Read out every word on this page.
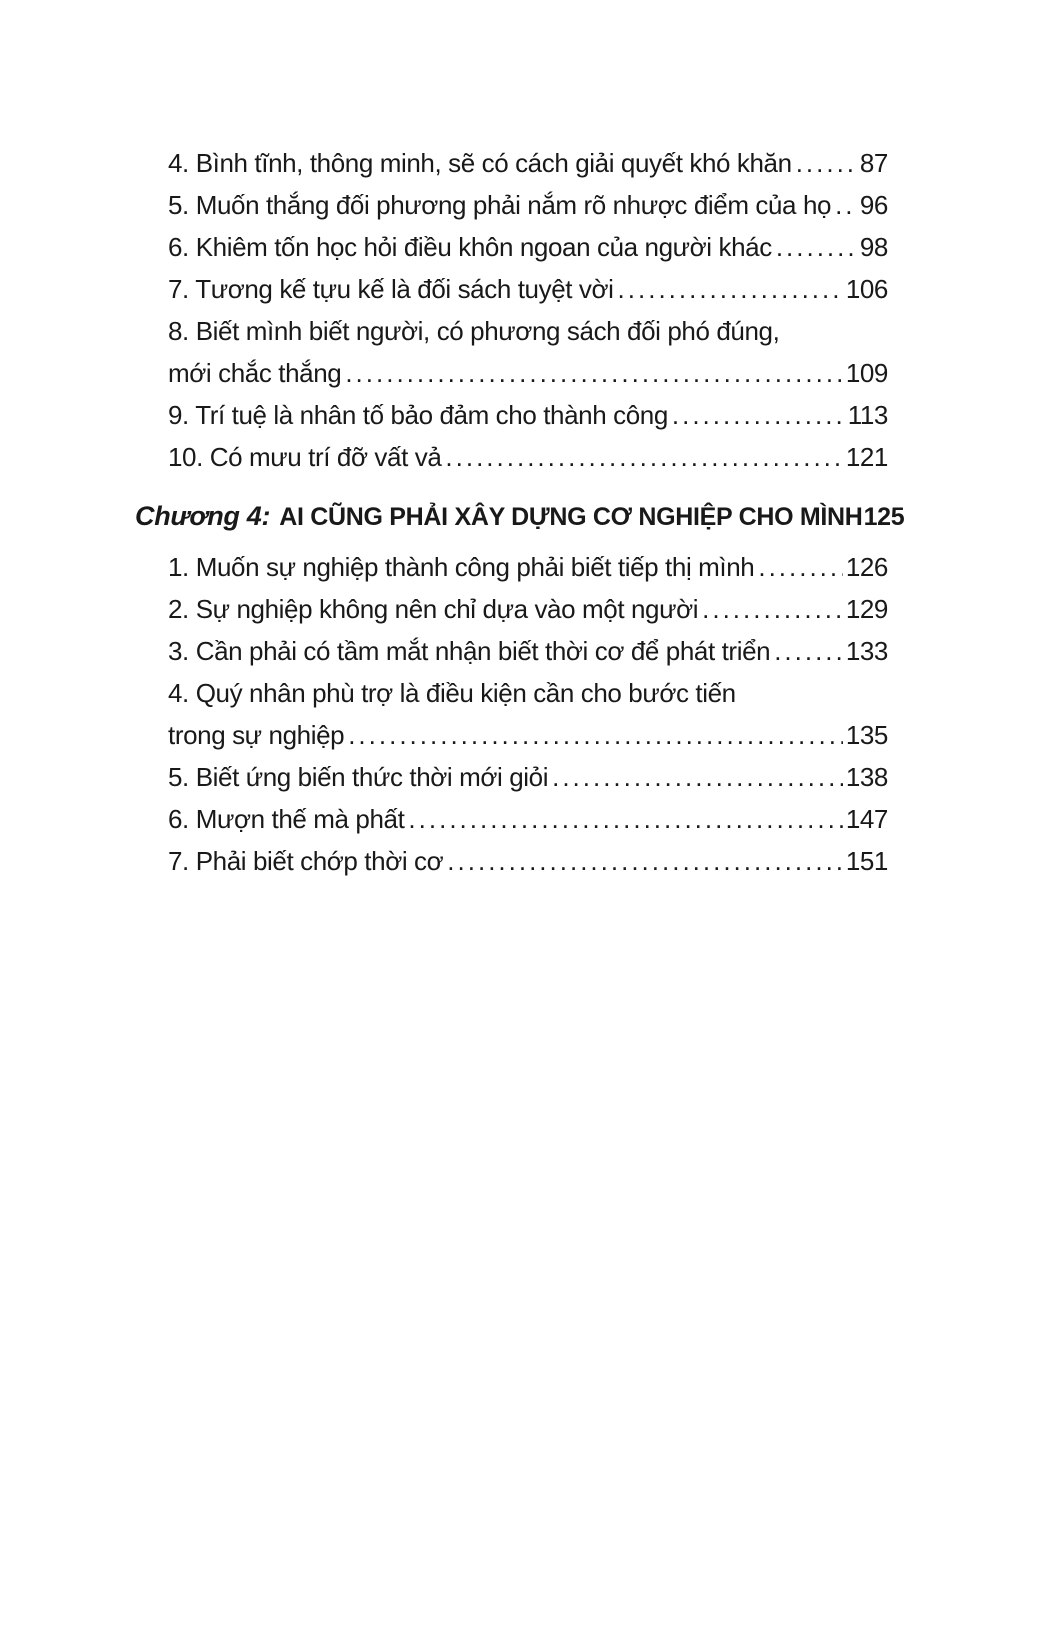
4. Bình tĩnh, thông minh, sẽ có cách giải quyết khó khăn .....	87
5. Muốn thắng đối phương phải nắm rõ nhược điểm của họ ..... 96
6. Khiêm tốn học hỏi điều khôn ngoan của người khác .....	98
7. Tương kế tựu kế là đối sách tuyệt vời .....	106
8. Biết mình biết người, có phương sách đối phó đúng,
mới chắc thắng .....	109
9. Trí tuệ là nhân tố bảo đảm cho thành công .....	113
10. Có mưu trí đỡ vất vả .....	121
Chương 4: AI CŨNG PHẢI XÂY DỰNG CƠ NGHIỆP CHO MÌNH ..... 125
1. Muốn sự nghiệp thành công phải biết tiếp thị mình .....	126
2. Sự nghiệp không nên chỉ dựa vào một người .....	129
3. Cần phải có tầm mắt nhận biết thời cơ để phát triển .....	133
4. Quý nhân phù trợ là điều kiện cần cho bước tiến
trong sự nghiệp .....	135
5. Biết ứng biến thức thời mới giỏi .....	138
6. Mượn thế mà phất .....	147
7. Phải biết chớp thời cơ .....	151
